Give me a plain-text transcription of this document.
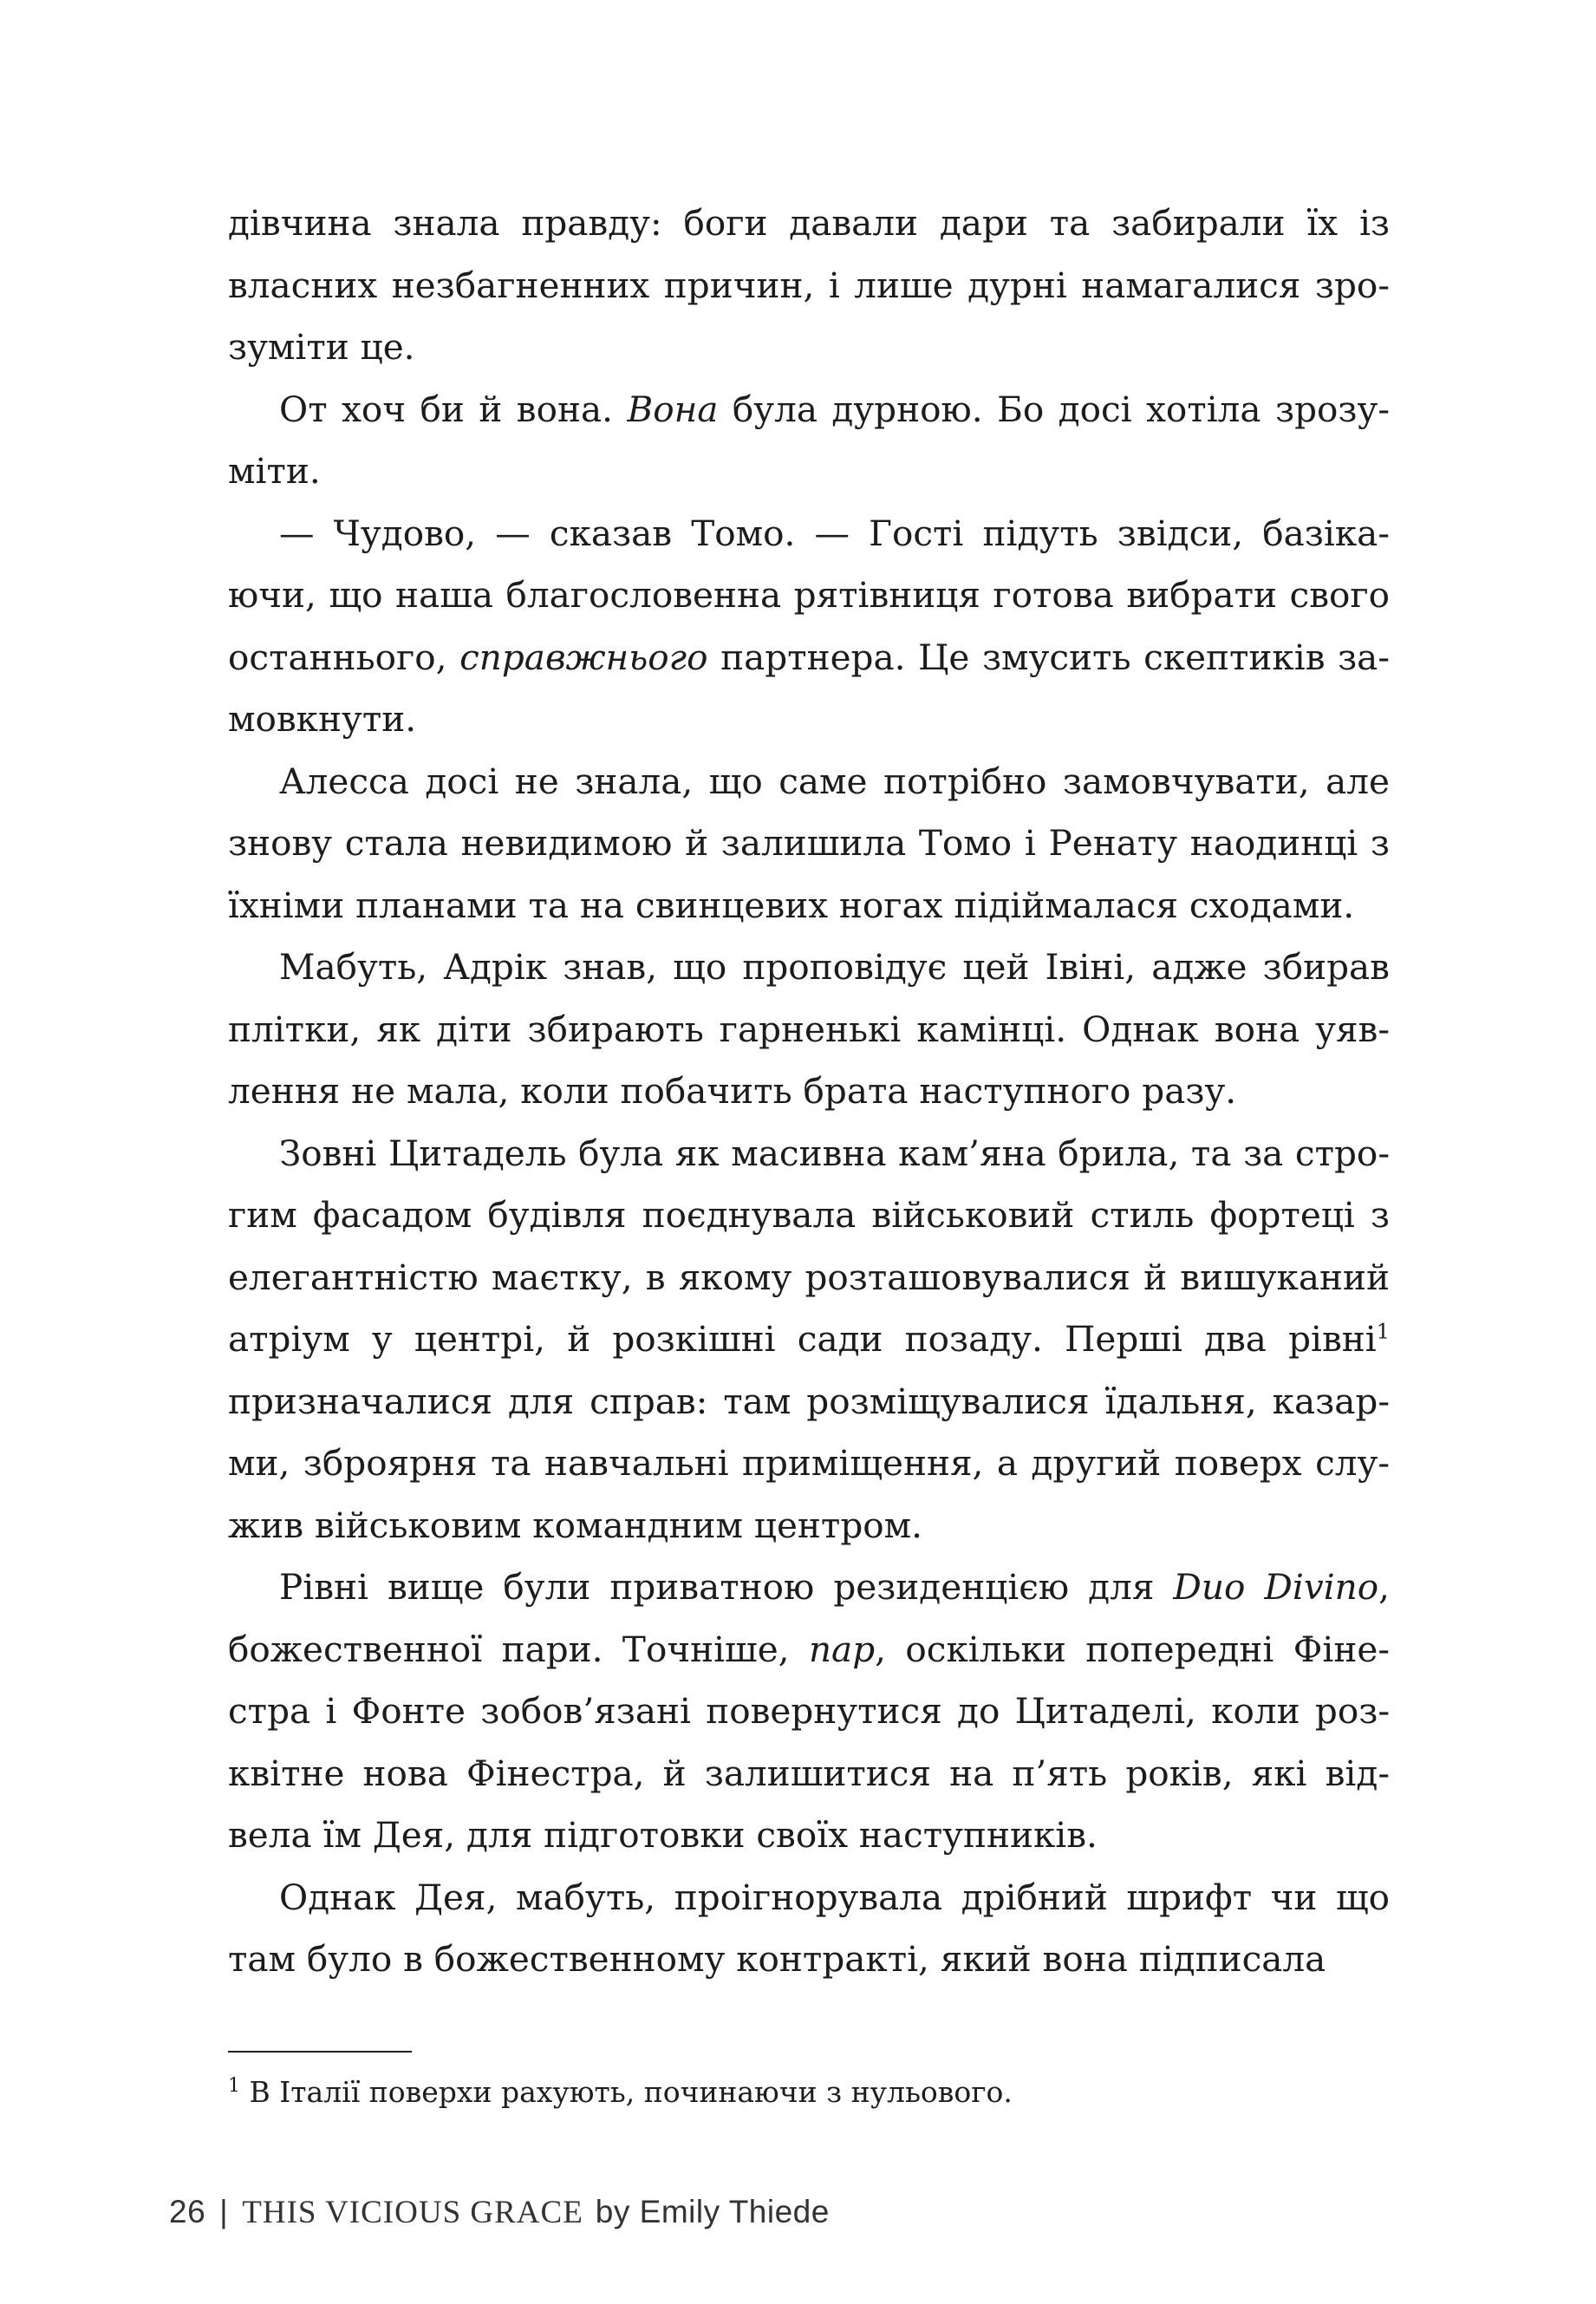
дівчина знала правду: боги давали дари та забирали їх із власних незбагненних причин, і лише дурні намагалися зрозуміти це.

От хоч би й вона. Вона була дурною. Бо досі хотіла зрозуміти.

— Чудово, — сказав Томо. — Гості підуть звідси, базікаючи, що наша благословенна рятівниця готова вибрати свого останнього, справжнього партнера. Це змусить скептиків замовкнути.

Алесса досі не знала, що саме потрібно замовчувати, але знову стала невидимою й залишила Томо і Ренату наодинці з їхніми планами та на свинцевих ногах підіймалася сходами.

Мабуть, Адрік знав, що проповідує цей Івіні, адже збирав плітки, як діти збирають гарненькі камінці. Однак вона уявлення не мала, коли побачить брата наступного разу.

Зовні Цитадель була як масивна кам’яна брила, та за строгим фасадом будівля поєднувала військовий стиль фортеці з елегантністю маєтку, в якому розташовувалися й вишуканий атріум у центрі, й розкішні сади позаду. Перші два рівні$^1$ призначалися для справ: там розміщувалися їдальня, казарми, зброярня та навчальні приміщення, а другий поверх служив військовим командним центром.

Рівні вище були приватною резиденцією для Duo Divino, божественної пари. Точніше, пар, оскільки попередні Фінестра і Фонте зобов’язані повернутися до Цитаделі, коли розквітне нова Фінестра, й залишитися на п’ять років, які відвела їм Дея, для підготовки своїх наступників.

Однак Дея, мабуть, проігнорувала дрібний шрифт чи що там було в божественному контракті, який вона підписала

$^1$ В Італії поверхи рахують, починаючи з нульового.

26 | THIS VICIOUS GRACE by Emily Thiede
